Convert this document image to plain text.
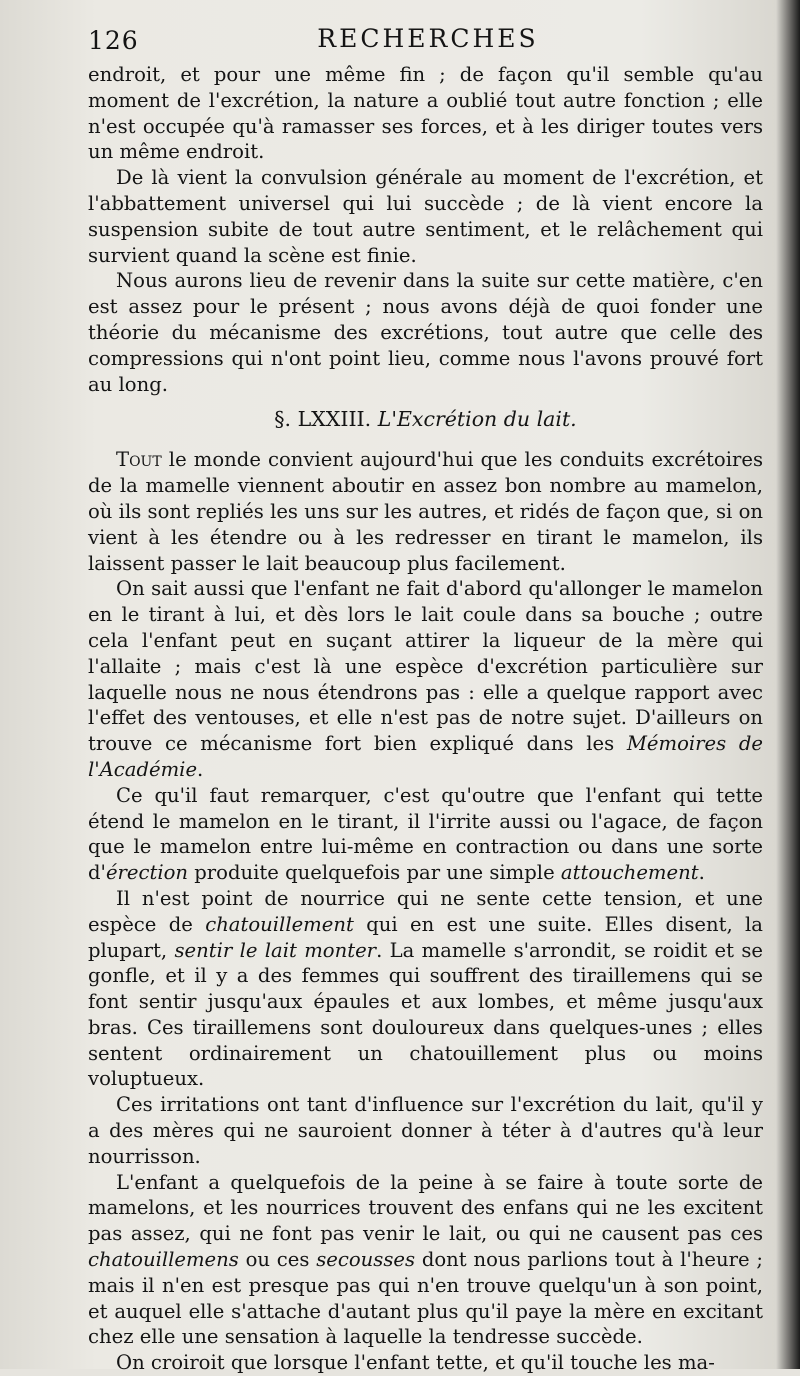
126	RECHERCHES

endroit, et pour une même fin ; de façon qu'il semble qu'au moment de l'excrétion, la nature a oublié tout autre fonction ; elle n'est occupée qu'à ramasser ses forces, et à les diriger toutes vers un même endroit.

De là vient la convulsion générale au moment de l'excrétion, et l'abbattement universel qui lui succède ; de là vient encore la suspension subite de tout autre sentiment, et le relâchement qui survient quand la scène est finie.

Nous aurons lieu de revenir dans la suite sur cette matière, c'en est assez pour le présent ; nous avons déjà de quoi fonder une théorie du mécanisme des excrétions, tout autre que celle des compressions qui n'ont point lieu, comme nous l'avons prouvé fort au long.

§. LXXIII. L'Excrétion du lait.

Tout le monde convient aujourd'hui que les conduits excrétoires de la mamelle viennent aboutir en assez bon nombre au mamelon, où ils sont repliés les uns sur les autres, et ridés de façon que, si on vient à les étendre ou à les redresser en tirant le mamelon, ils laissent passer le lait beaucoup plus facilement.

On sait aussi que l'enfant ne fait d'abord qu'allonger le mamelon en le tirant à lui, et dès lors le lait coule dans sa bouche ; outre cela l'enfant peut en suçant attirer la liqueur de la mère qui l'allaite ; mais c'est là une espèce d'excrétion particulière sur laquelle nous ne nous étendrons pas : elle a quelque rapport avec l'effet des ventouses, et elle n'est pas de notre sujet. D'ailleurs on trouve ce mécanisme fort bien expliqué dans les Mémoires de l'Académie.

Ce qu'il faut remarquer, c'est qu'outre que l'enfant qui tette étend le mamelon en le tirant, il l'irrite aussi ou l'agace, de façon que le mamelon entre lui-même en contraction ou dans une sorte d'érection produite quelquefois par une simple attouchement.

Il n'est point de nourrice qui ne sente cette tension, et une espèce de chatouillement qui en est une suite. Elles disent, la plupart, sentir le lait monter. La mamelle s'arrondit, se roidit et se gonfle, et il y a des femmes qui souffrent des tiraillemens qui se font sentir jusqu'aux épaules et aux lombes, et même jusqu'aux bras. Ces tiraillemens sont douloureux dans quelques-unes ; elles sentent ordinairement un chatouillement plus ou moins voluptueux.

Ces irritations ont tant d'influence sur l'excrétion du lait, qu'il y a des mères qui ne sauroient donner à téter à d'autres qu'à leur nourrisson.

L'enfant a quelquefois de la peine à se faire à toute sorte de mamelons, et les nourrices trouvent des enfans qui ne les excitent pas assez, qui ne font pas venir le lait, ou qui ne causent pas ces chatouillemens ou ces secousses dont nous parlions tout à l'heure ; mais il n'en est presque pas qui n'en trouve quelqu'un à son point, et auquel elle s'attache d'autant plus qu'il paye la mère en excitant chez elle une sensation à laquelle la tendresse succède.

On croiroit que lorsque l'enfant tette, et qu'il touche les ma-
